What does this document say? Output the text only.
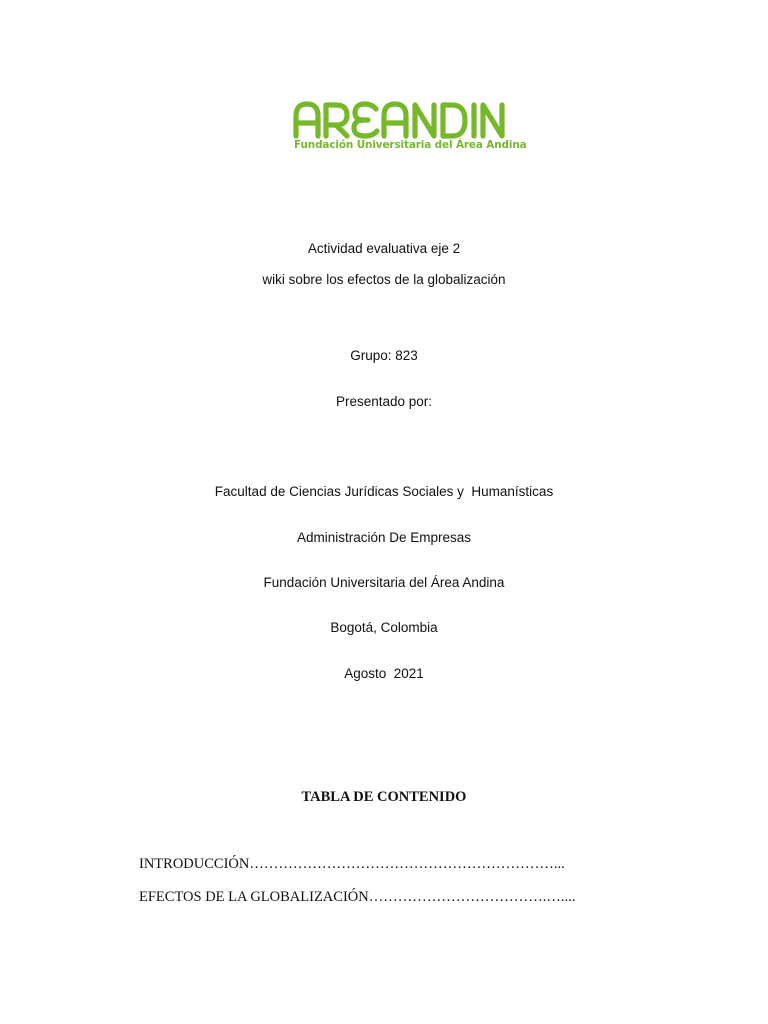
Fundación Universitaria del Área Andina
Actividad evaluativa eje 2
wiki sobre los efectos de la globalización
Grupo: 823
Presentado por:
Facultad de Ciencias Jurídicas Sociales y  Humanísticas
Administración De Empresas
Fundación Universitaria del Área Andina
Bogotá, Colombia
Agosto  2021
TABLA DE CONTENIDO
INTRODUCCIÓN………………………………………………………...
EFECTOS DE LA GLOBALIZACIÓN……………………………….…....
